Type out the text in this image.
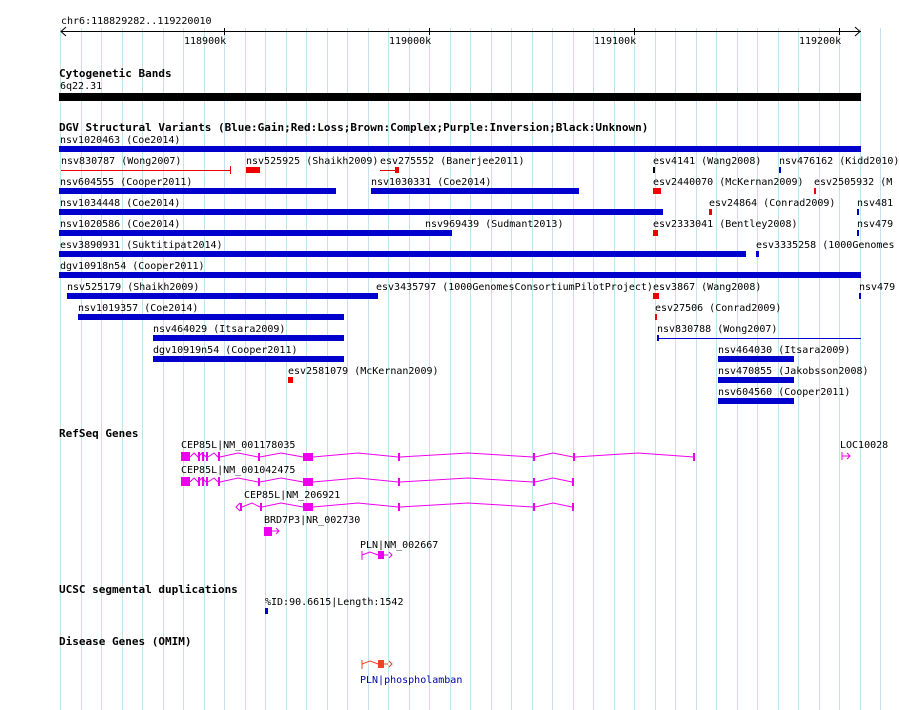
chr6:118829282..119220010
118900k	119000k	119100k	119200k
Cytogenetic Bands
6q22.31
DGV Structural Variants (Blue:Gain;Red:Loss;Brown:Complex;Purple:Inversion;Black:Unknown)
nsv1020463 (Coe2014)
nsv830787 (Wong2007)	nsv525925 (Shaikh2009) esv275552 (Banerjee2011)	esv4141 (Wang2008) nsv476162 (Kidd2010)
nsv604555 (Cooper2011)	nsv1030331 (Coe2014)	esv2440070 (McKernan2009) esv2505932 (M
nsv1034448 (Coe2014)	esv24864 (Conrad2009) nsv481
nsv1020586 (Coe2014)	nsv969439 (Sudmant2013)	esv2333041 (Bentley2008)	nsv479
esv3890931 (Suktitipat2014)	esv3335258 (1000Genomes
dgv10918n54 (Cooper2011)
nsv525179 (Shaikh2009)	esv3435797 (1000GenomesConsortiumPilotProject) esv3867 (Wang2008)	nsv479
nsv1019357 (Coe2014)	esv27506 (Conrad2009)
nsv464029 (Itsara2009)	nsv830788 (Wong2007)
dgv10919n54 (Cooper2011)	nsv464030 (Itsara2009)
esv2581079 (McKernan2009)	nsv470855 (Jakobsson2008)
nsv604560 (Cooper2011)
RefSeq Genes
CEP85L|NM_001178035
CEP85L|NM_001042475
CEP85L|NM_206921
BRD7P3|NR_002730
PLN|NM_002667
LOC10028
UCSC segmental duplications
%ID:90.6615|Length:1542
Disease Genes (OMIM)
PLN|phospholamban
